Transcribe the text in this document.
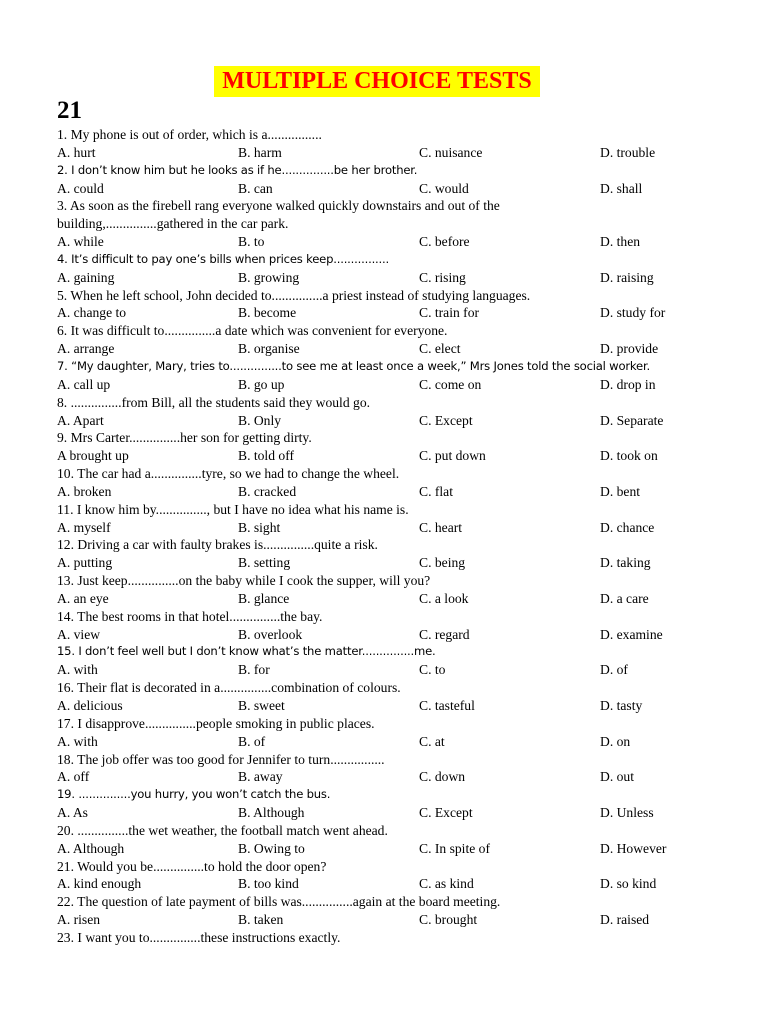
MULTIPLE CHOICE TESTS
21
1. My phone is out of order, which is a................
A. hurt	B. harm	C. nuisance	D. trouble
2. I don’t know him but he looks as if he...............be her brother.
A. could	B. can	C. would	D. shall
3. As soon as the firebell rang everyone walked quickly downstairs and out of the
building,...............gathered in the car park.
A. while	B. to	C. before	D. then
4. It’s difficult to pay one’s bills when prices keep................
A. gaining	B. growing	C. rising	D. raising
5. When he left school, John decided to...............a priest instead of studying languages.
A. change to	B. become	C. train for	D. study for
6. It was difficult to...............a date which was convenient for everyone.
A. arrange	B. organise	C. elect	D. provide
7. “My daughter, Mary, tries to...............to see me at least once a week,” Mrs Jones told the social worker.
A. call up	B. go up	C. come on	D. drop in
8. ...............from Bill, all the students said they would go.
A. Apart	B. Only	C. Except	D. Separate
9. Mrs Carter...............her son for getting dirty.
A brought up	B. told off	C. put down	D. took on
10. The car had a...............tyre, so we had to change the wheel.
A. broken	B. cracked	C. flat	D. bent
11. I know him by..............., but I have no idea what his name is.
A. myself	B. sight	C. heart	D. chance
12. Driving a car with faulty brakes is...............quite a risk.
A. putting	B. setting	C. being	D. taking
13. Just keep...............on the baby while I cook the supper, will you?
A. an eye	B. glance	C. a look	D. a care
14. The best rooms in that hotel...............the bay.
A. view	B. overlook	C. regard	D. examine
15. I don’t feel well but I don’t know what’s the matter...............me.
A. with	B. for	C. to	D. of
16. Their flat is decorated in a...............combination of colours.
A. delicious	B. sweet	C. tasteful	D. tasty
17. I disapprove...............people smoking in public places.
A. with	B. of	C. at	D. on
18. The job offer was too good for Jennifer to turn................
A. off	B. away	C. down	D. out
19. ...............you hurry, you won’t catch the bus.
A. As	B. Although	C. Except	D. Unless
20. ...............the wet weather, the football match went ahead.
A. Although	B. Owing to	C. In spite of	D. However
21. Would you be...............to hold the door open?
A. kind enough	B. too kind	C. as kind	D. so kind
22. The question of late payment of bills was...............again at the board meeting.
A. risen	B. taken	C. brought	D. raised
23. I want you to...............these instructions exactly.
